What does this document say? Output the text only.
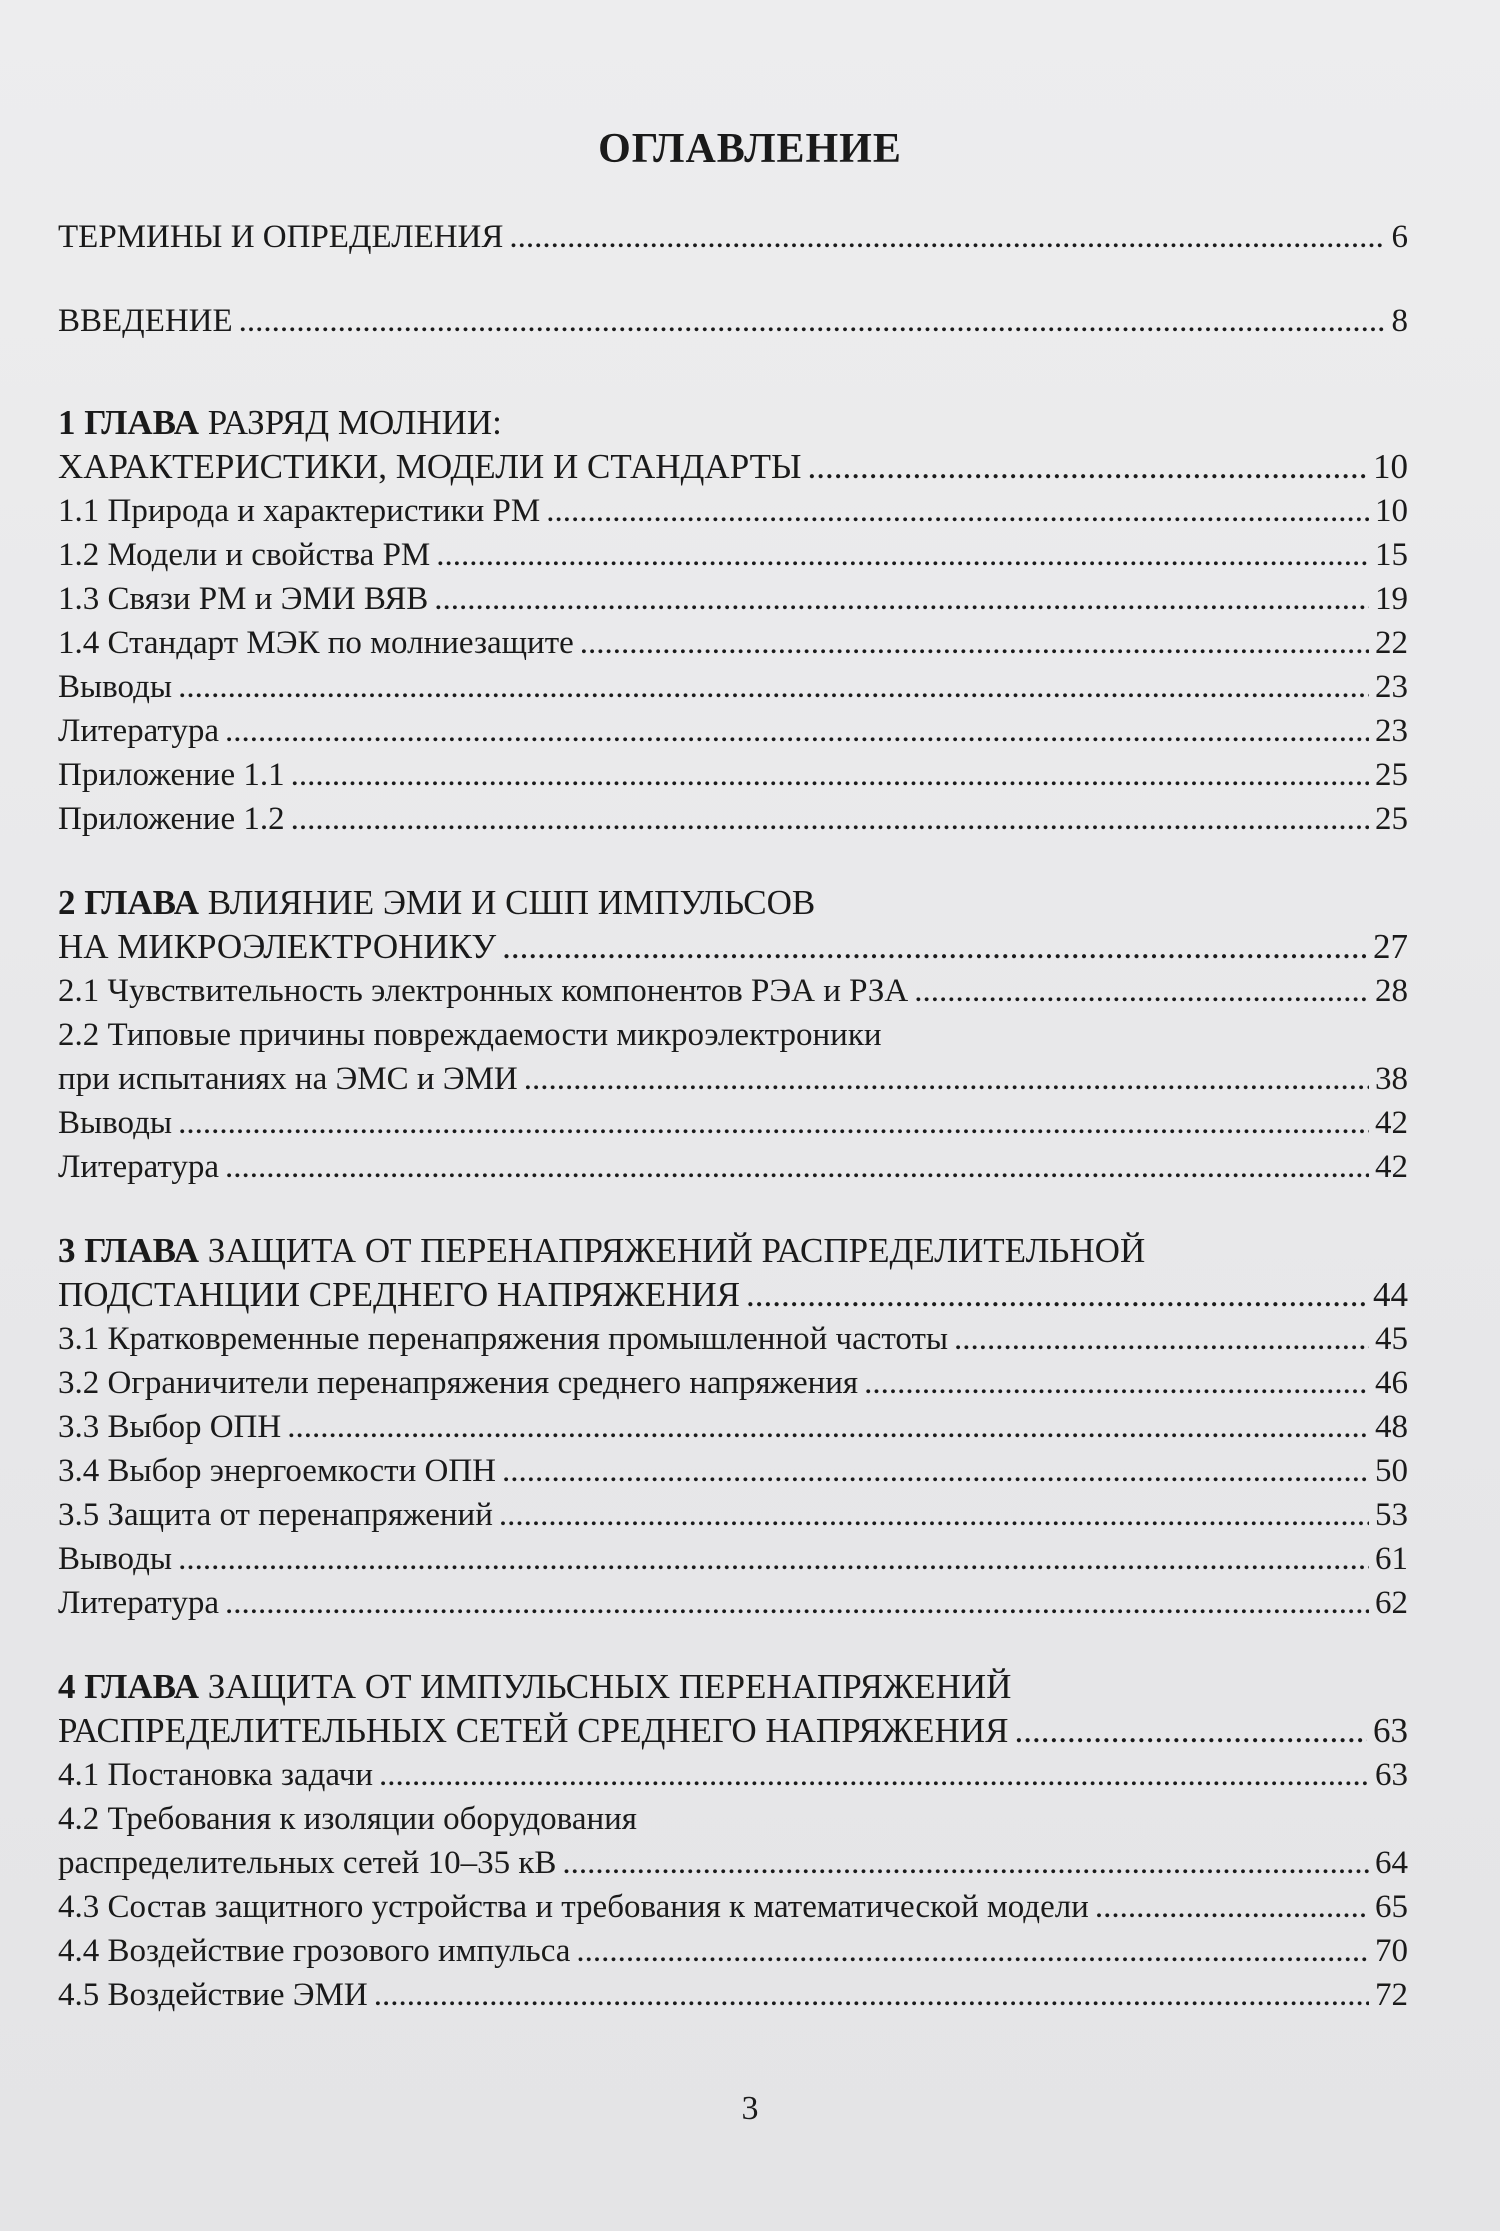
ОГЛАВЛЕНИЕ
ТЕРМИНЫ И ОПРЕДЕЛЕНИЯ .....	6
ВВЕДЕНИЕ .....	8
1 ГЛАВА РАЗРЯД МОЛНИИ:
ХАРАКТЕРИСТИКИ, МОДЕЛИ И СТАНДАРТЫ .....	10
1.1 Природа и характеристики РМ .....	10
1.2 Модели и свойства РМ .....	15
1.3 Связи РМ и ЭМИ ВЯВ .....	19
1.4 Стандарт МЭК по молниезащите .....	22
Выводы .....	23
Литература .....	23
Приложение 1.1 .....	25
Приложение 1.2 .....	25
2 ГЛАВА ВЛИЯНИЕ ЭМИ И СШП ИМПУЛЬСОВ
НА МИКРОЭЛЕКТРОНИКУ .....	27
2.1 Чувствительность электронных компонентов РЭА и РЗА .....	28
2.2 Типовые причины повреждаемости микроэлектроники
при испытаниях на ЭМС и ЭМИ .....	38
Выводы .....	42
Литература .....	42
3 ГЛАВА ЗАЩИТА ОТ ПЕРЕНАПРЯЖЕНИЙ РАСПРЕДЕЛИТЕЛЬНОЙ
ПОДСТАНЦИИ СРЕДНЕГО НАПРЯЖЕНИЯ .....	44
3.1 Кратковременные перенапряжения промышленной частоты .....	45
3.2 Ограничители перенапряжения среднего напряжения .....	46
3.3 Выбор ОПН .....	48
3.4 Выбор энергоемкости ОПН .....	50
3.5 Защита от перенапряжений .....	53
Выводы .....	61
Литература .....	62
4 ГЛАВА ЗАЩИТА ОТ ИМПУЛЬСНЫХ ПЕРЕНАПРЯЖЕНИЙ
РАСПРЕДЕЛИТЕЛЬНЫХ СЕТЕЙ СРЕДНЕГО НАПРЯЖЕНИЯ .....	63
4.1 Постановка задачи .....	63
4.2 Требования к изоляции оборудования
распределительных сетей 10–35 кВ .....	64
4.3 Состав защитного устройства и требования к математической модели .....	65
4.4 Воздействие грозового импульса .....	70
4.5 Воздействие ЭМИ .....	72
3
